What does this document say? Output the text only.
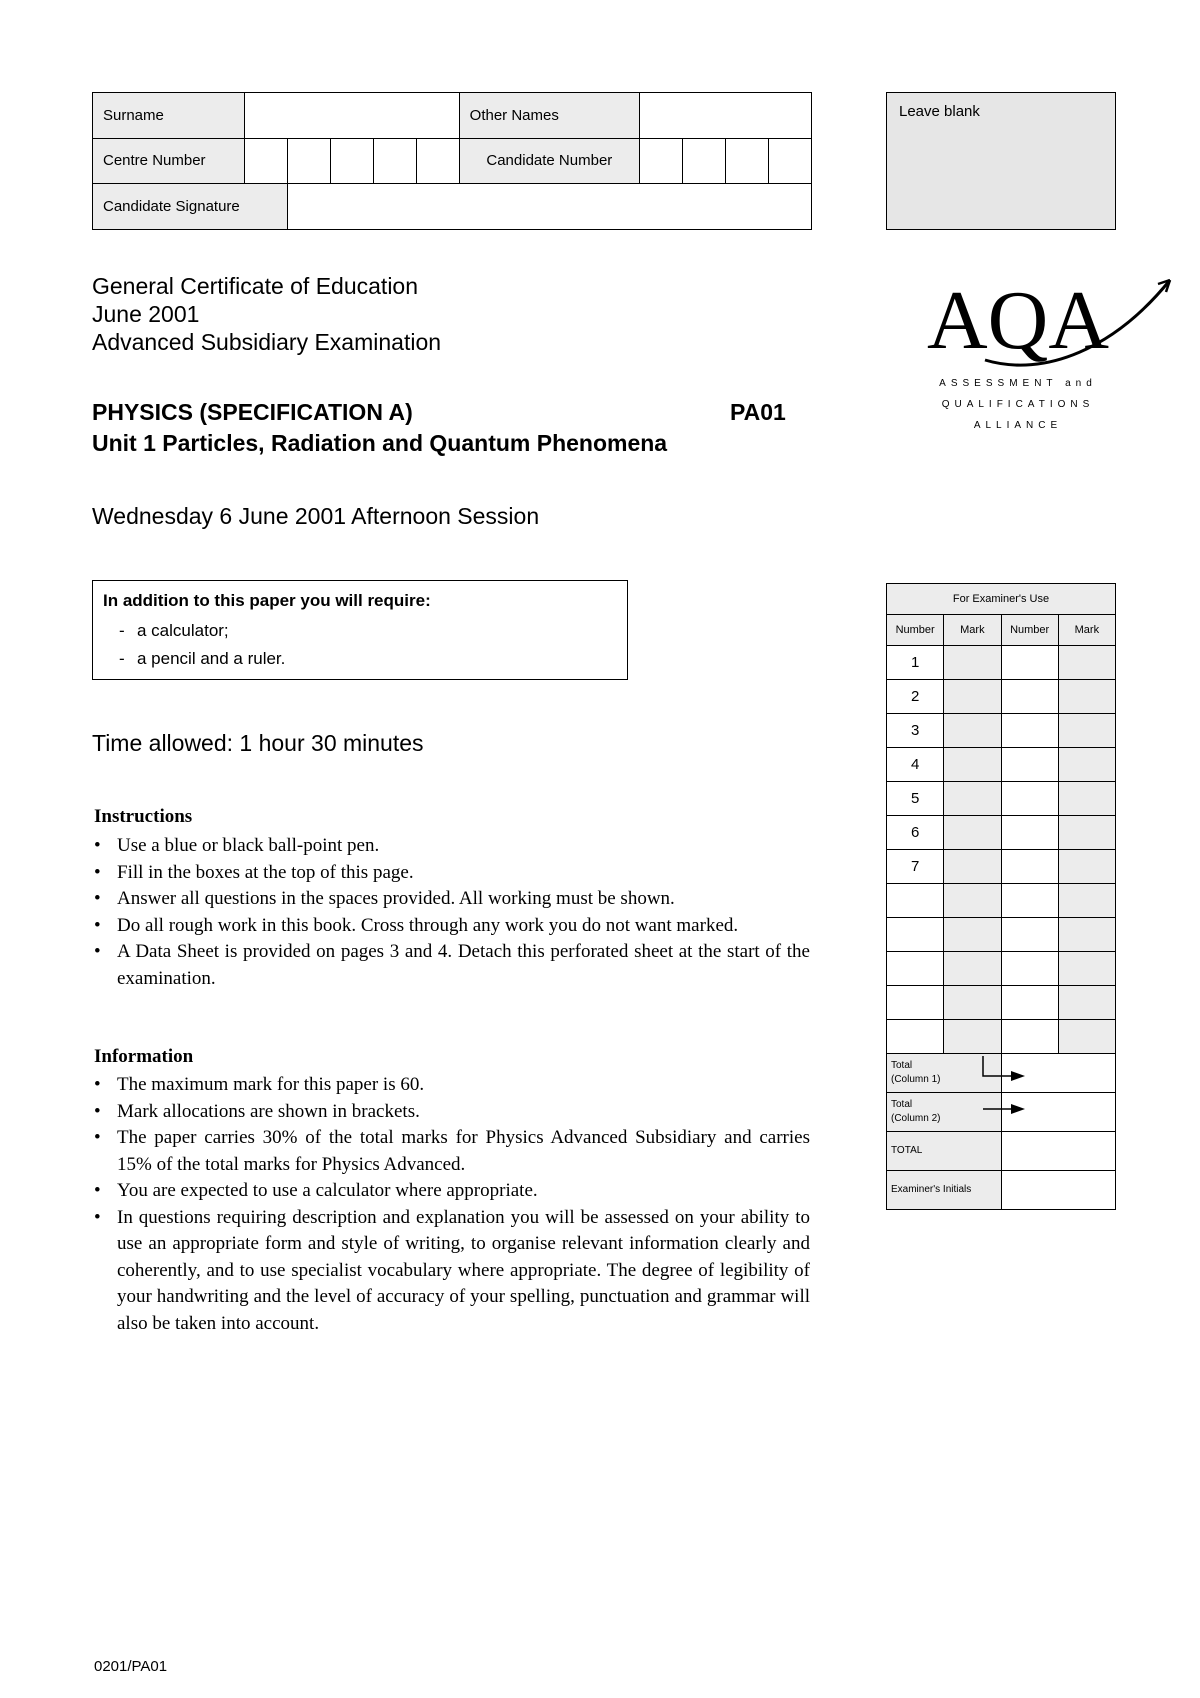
Surname						Other Names				
Centre Number						Candidate Number				
Candidate Signature										
Leave blank
General Certificate of Education
June 2001
Advanced Subsidiary Examination
PHYSICS (SPECIFICATION A)	PA01
Unit 1 Particles, Radiation and Quantum Phenomena
Wednesday 6 June 2001 Afternoon Session
AQA
ASSESSMENT and
QUALIFICATIONS
ALLIANCE
In addition to this paper you will require:
- a calculator;
- a pencil and a ruler.
Time allowed: 1 hour 30 minutes
Instructions
• Use a blue or black ball-point pen.
• Fill in the boxes at the top of this page.
• Answer all questions in the spaces provided. All working must be shown.
• Do all rough work in this book. Cross through any work you do not want marked.
• A Data Sheet is provided on pages 3 and 4. Detach this perforated sheet at the start of the examination.
Information
• The maximum mark for this paper is 60.
• Mark allocations are shown in brackets.
• The paper carries 30% of the total marks for Physics Advanced Subsidiary and carries 15% of the total marks for Physics Advanced.
• You are expected to use a calculator where appropriate.
• In questions requiring description and explanation you will be assessed on your ability to use an appropriate form and style of writing, to organise relevant information clearly and coherently, and to use specialist vocabulary where appropriate. The degree of legibility of your handwriting and the level of accuracy of your spelling, punctuation and grammar will also be taken into account.
For Examiner's Use			
Number	Mark	Number	Mark
1			
2			
3			
4			
5			
6			
7			

Total
(Column 1)			

Total
(Column 2)			

TOTAL			
Examiner's Initials			
0201/PA01
